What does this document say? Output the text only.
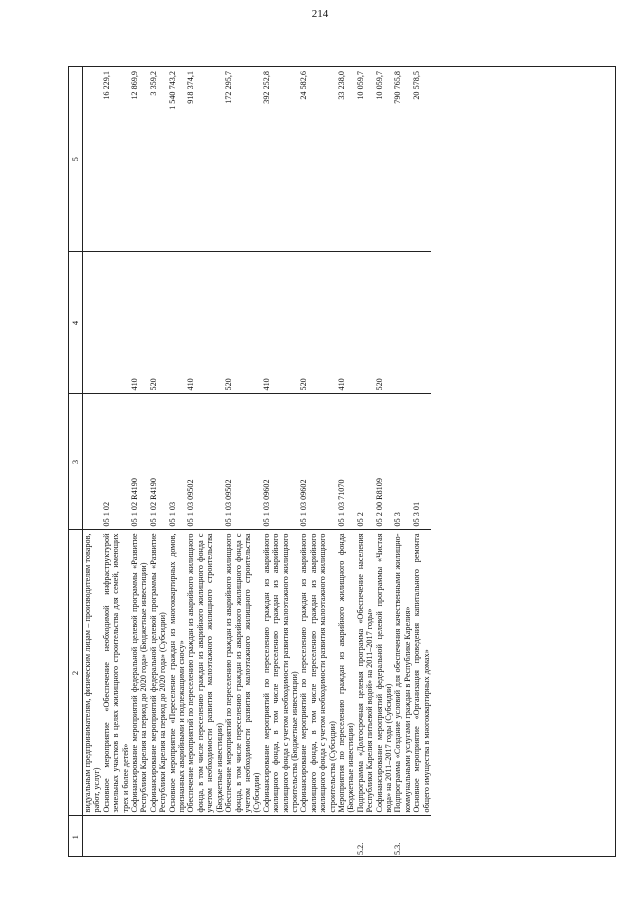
214
1	2	3	4	5
	видуальным предпринимателям, физическим лицам – производителям товаров, работ, услуг)			
	Основное мероприятие «Обеспечение необходимой инфраструктурой земельных участков в целях жилищного строительства для семей, имеющих трех и более детей»	05 1 02		16 229,1
	Софинансирование мероприятий федеральной целевой программы «Развитие Республики Карелия на период до 2020 года» (Бюджетные инвестиции)	05 1 02 R4190	410	12 869,9
	Софинансирование мероприятий федеральной целевой программы «Развитие Республики Карелия на период до 2020 года» (Субсидии)	05 1 02 R4190	520	3 359,2
	Основное мероприятие «Переселение граждан из многоквартирных домов, признанных аварийными и подлежащими сносу»	05 1 03		1 540 743,2
	Обеспечение мероприятий по переселению граждан из аварийного жилищного фонда, в том числе переселению граждан из аварийного жилищного фонда с учетом необходимости развития малоэтажного жилищного строительства (Бюджетные инвестиции)	05 1 03 09502	410	918 374,1
	Обеспечение мероприятий по переселению граждан из аварийного жилищного фонда, в том числе переселению граждан из аварийного жилищного фонда с учетом необходимости развития малоэтажного жилищного строительства (Субсидии)	05 1 03 09502	520	172 295,7
	Софинансирование мероприятий по переселению граждан из аварийного жилищного фонда, в том числе переселению граждан из аварийного жилищного фонда с учетом необходимости развития малоэтажного жилищного строительства (Бюджетные инвестиции)	05 1 03 09602	410	392 252,8
	Софинансирование мероприятий по переселению граждан из аварийного жилищного фонда, в том числе переселению граждан из аварийного жилищного фонда с учетом необходимости развития малоэтажного жилищного строительства (Субсидии)	05 1 03 09602	520	24 582,6
	Мероприятия по переселению граждан из аварийного жилищного фонда (Бюджетные инвестиции)	05 1 03 71070	410	33 238,0
5.2.	Подпрограмма «Долгосрочная целевая программа «Обеспечение населения Республики Карелия питьевой водой» на 2011–2017 годы»	05 2		10 059,7
	Софинансирование мероприятий федеральной целевой программы «Чистая вода» на 2011–2017 годы (Субсидии)	05 2 00 R8109	520	10 059,7
5.3.	Подпрограмма «Создание условий для обеспечения качественными жилищно-коммунальными услугами граждан в Республике Карелия»	05 3		790 765,8
	Основное мероприятие «Организация проведения капитального ремонта общего имущества в многоквартирных домах»	05 3 01		20 578,5
